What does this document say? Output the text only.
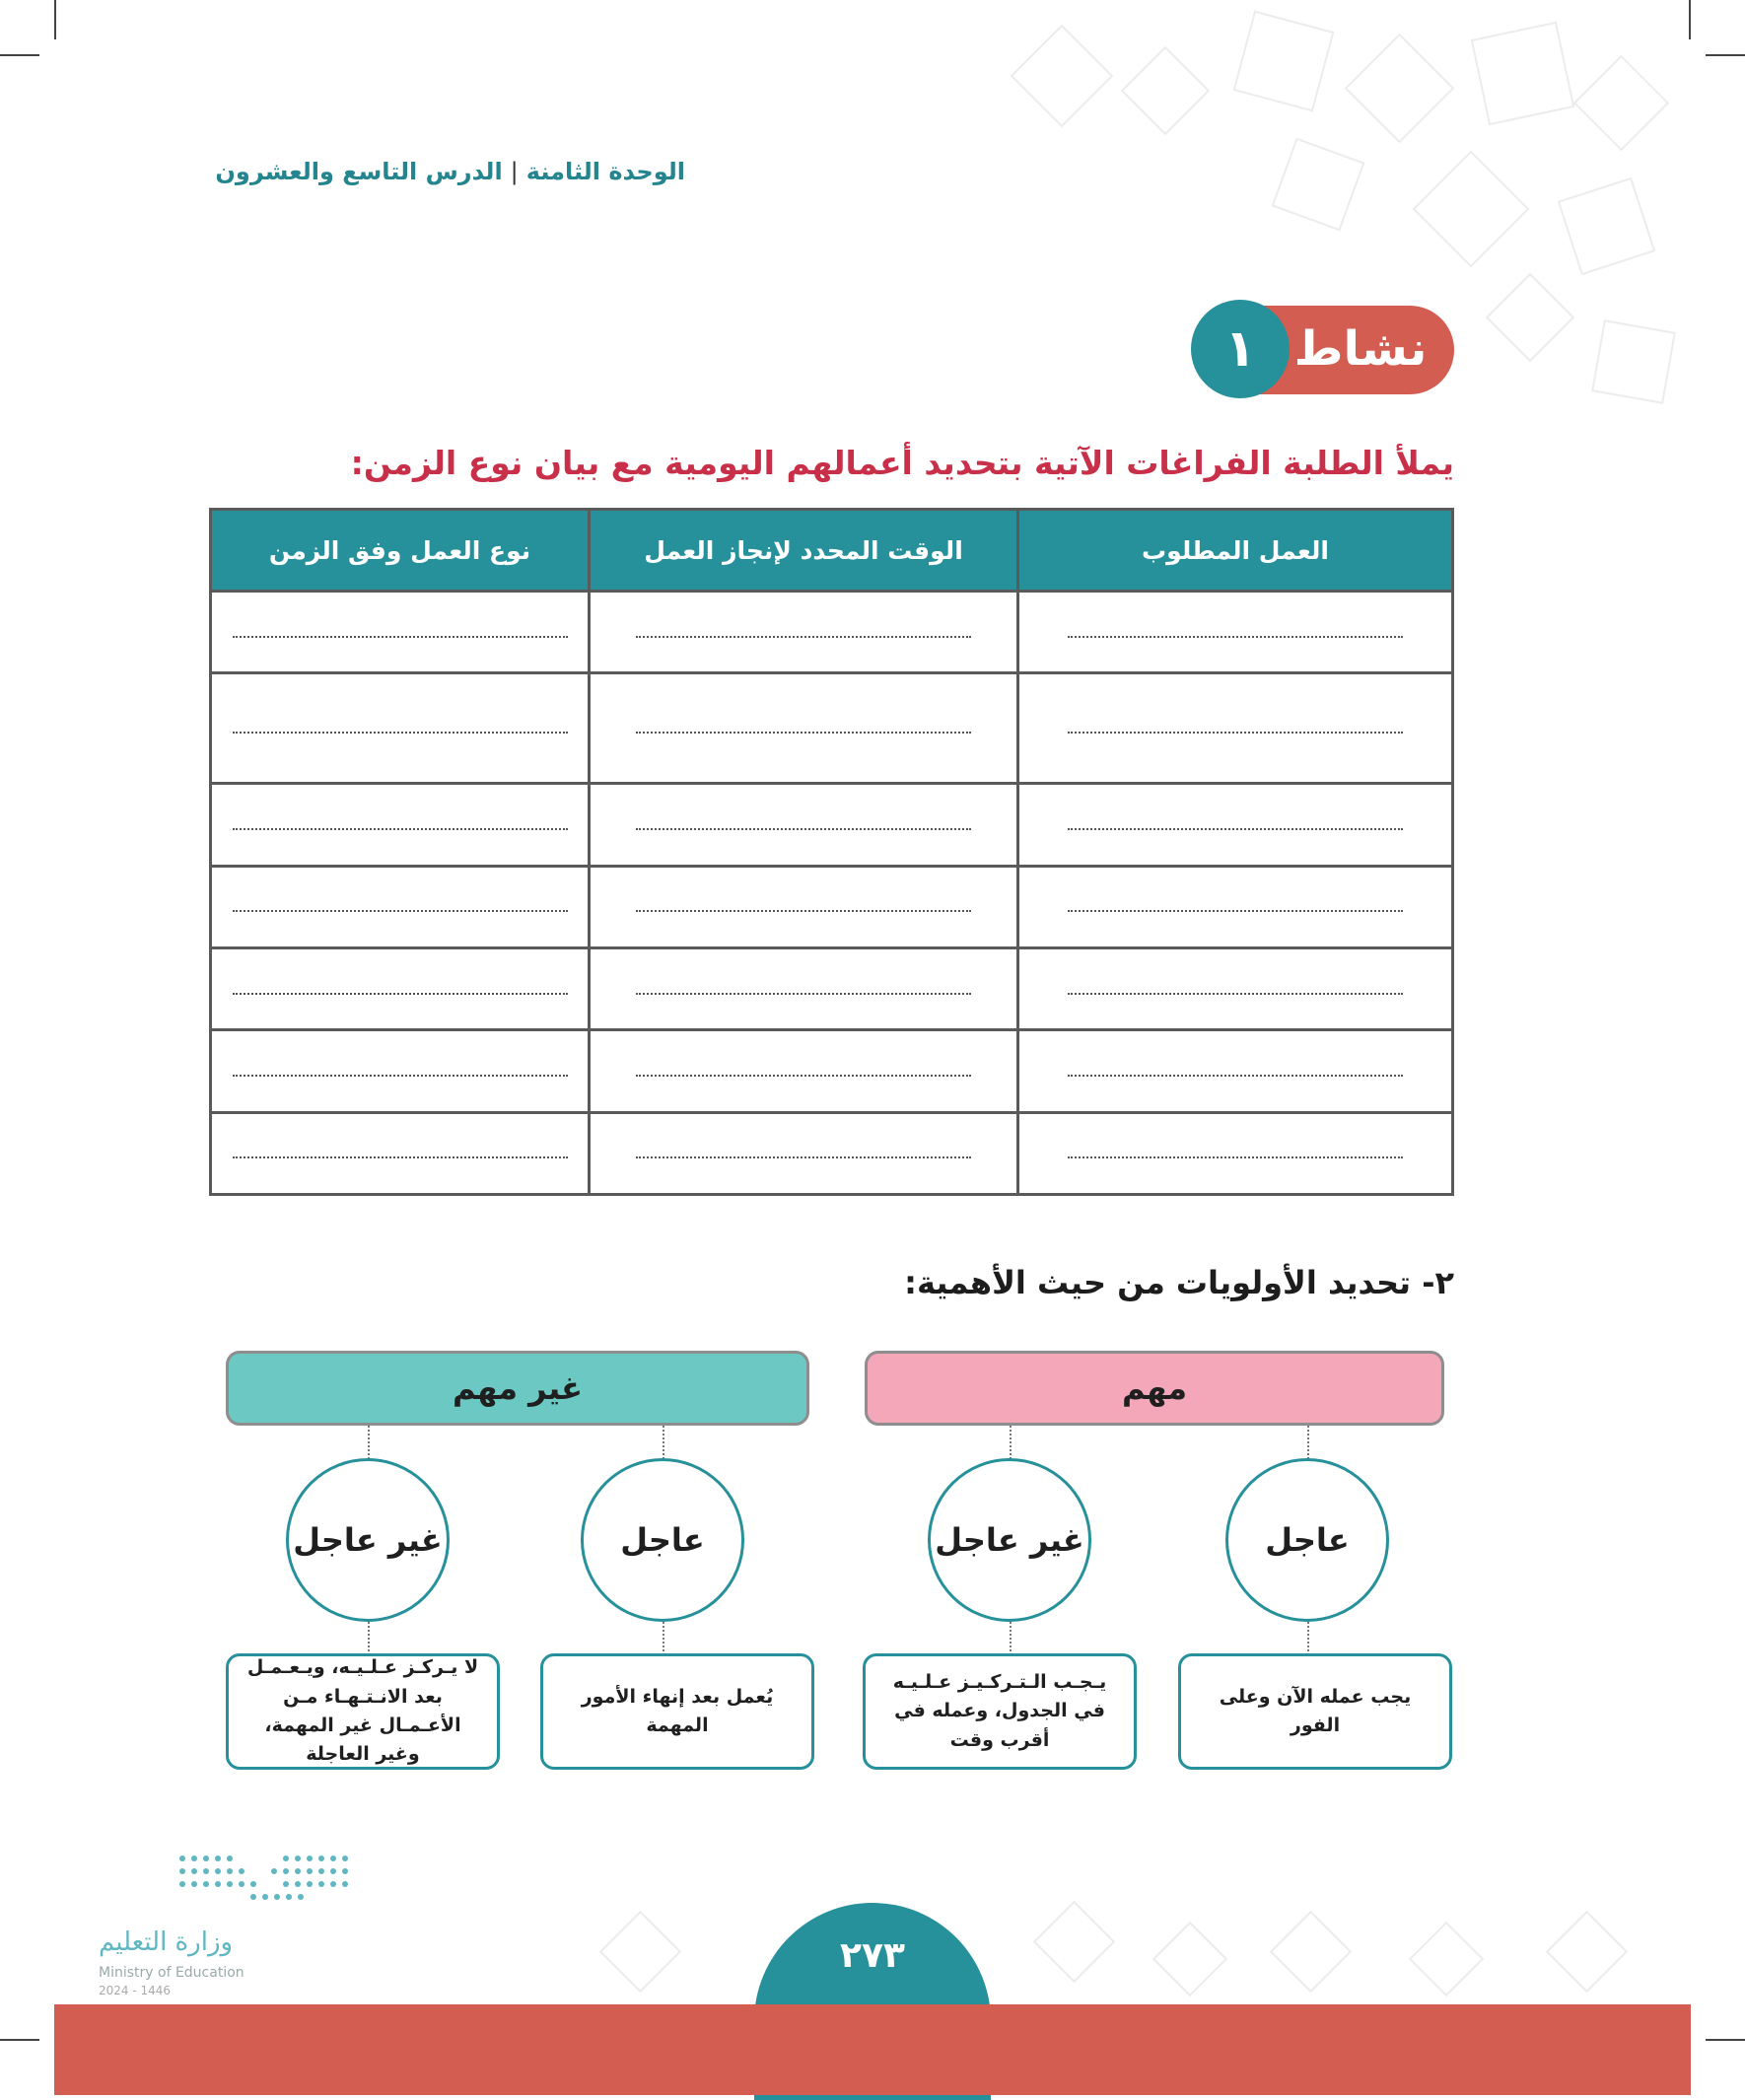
الوحدة الثامنة|الدرس التاسع والعشرون
نشاط
١
يملأ الطلبة الفراغات الآتية بتحديد أعمالهم اليومية مع بيان نوع الزمن:
العمل المطلوب	الوقت المحدد لإنجاز العمل	نوع العمل وفق الزمن

٢- تحديد الأولويات من حيث الأهمية:
مهم
غير مهم
عاجل
غير عاجل
عاجل
غير عاجل
يجب عمله الآن وعلى الفور
يـجـب الـتـركـيـز عـلـيـه في الجدول، وعمله في أقرب وقت
يُعمل بعد إنهاء الأمور المهمة
لا يـركـز عـلـيـه، ويـعـمـل بعد الانـتـهـاء مـن الأعـمـال غير المهمة، وغير العاجلة
وزارة التعليم
Ministry of Education
2024 - 1446
٢٧٣
